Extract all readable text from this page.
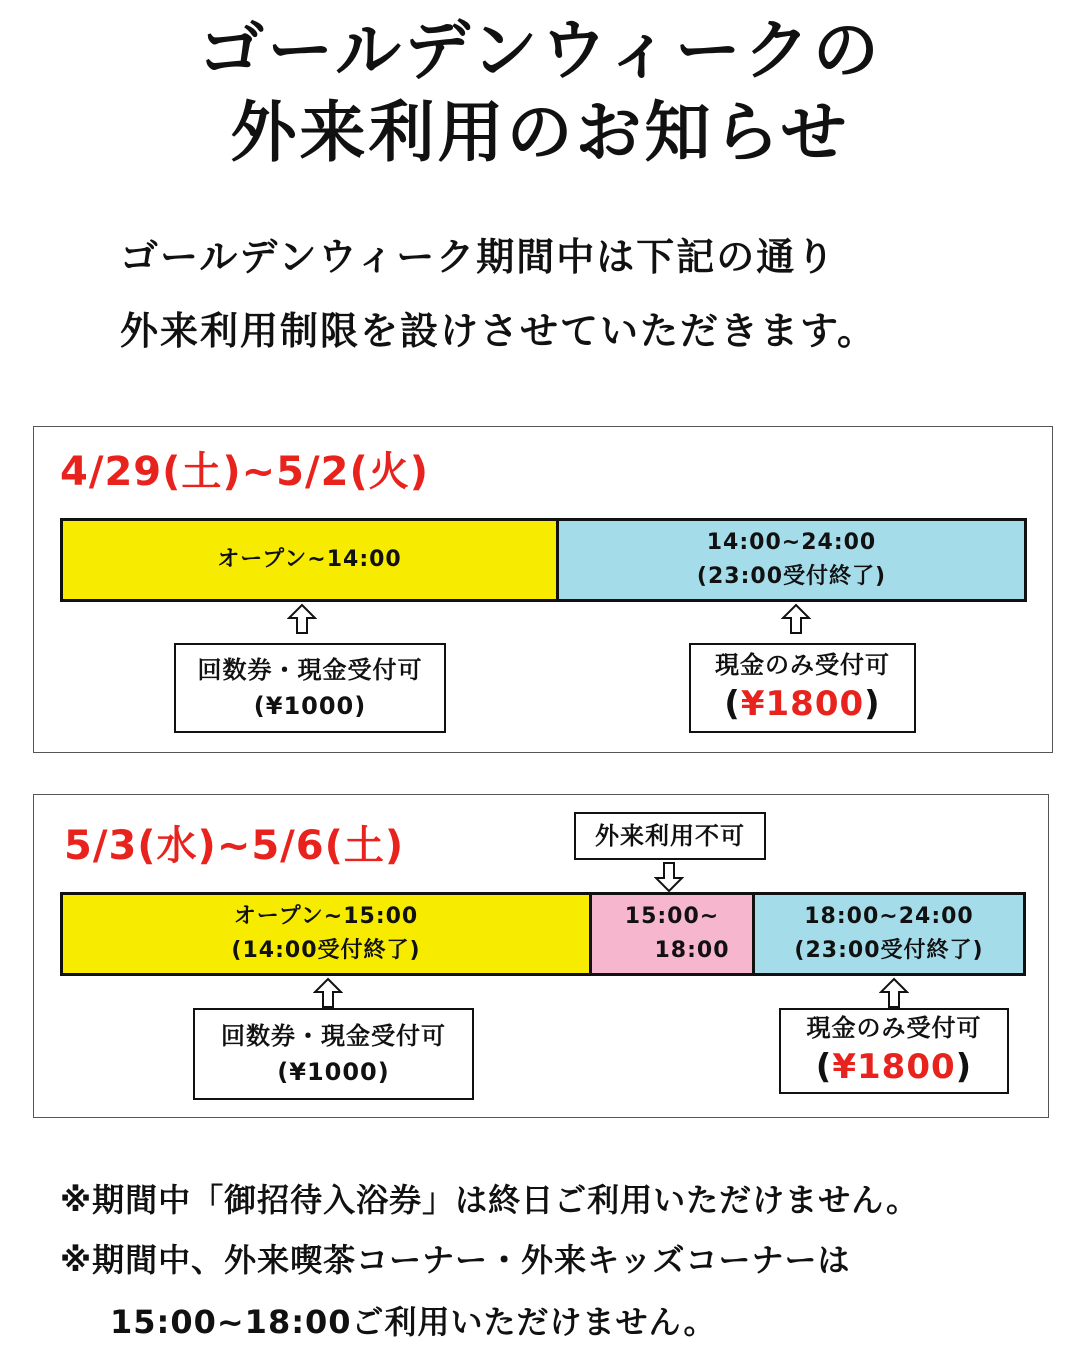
ゴールデンウィークの
外来利用のお知らせ
ゴールデンウィーク期間中は下記の通り
外来利用制限を設けさせていただきます。
4/29(土)~5/2(火)
オープン~14:00
14:00~24:00
(23:00受付終了)
回数券・現金受付可
(¥1000)
現金のみ受付可
(¥1800)
5/3(水)~5/6(土)	外来利用不可
オープン~15:00
(14:00受付終了)
15:00~
18:00
18:00~24:00
(23:00受付終了)
回数券・現金受付可
(¥1000)
現金のみ受付可
(¥1800)
※期間中「御招待入浴券」は終日ご利用いただけません。
※期間中、外来喫茶コーナー・外来キッズコーナーは
15:00~18:00ご利用いただけません。
